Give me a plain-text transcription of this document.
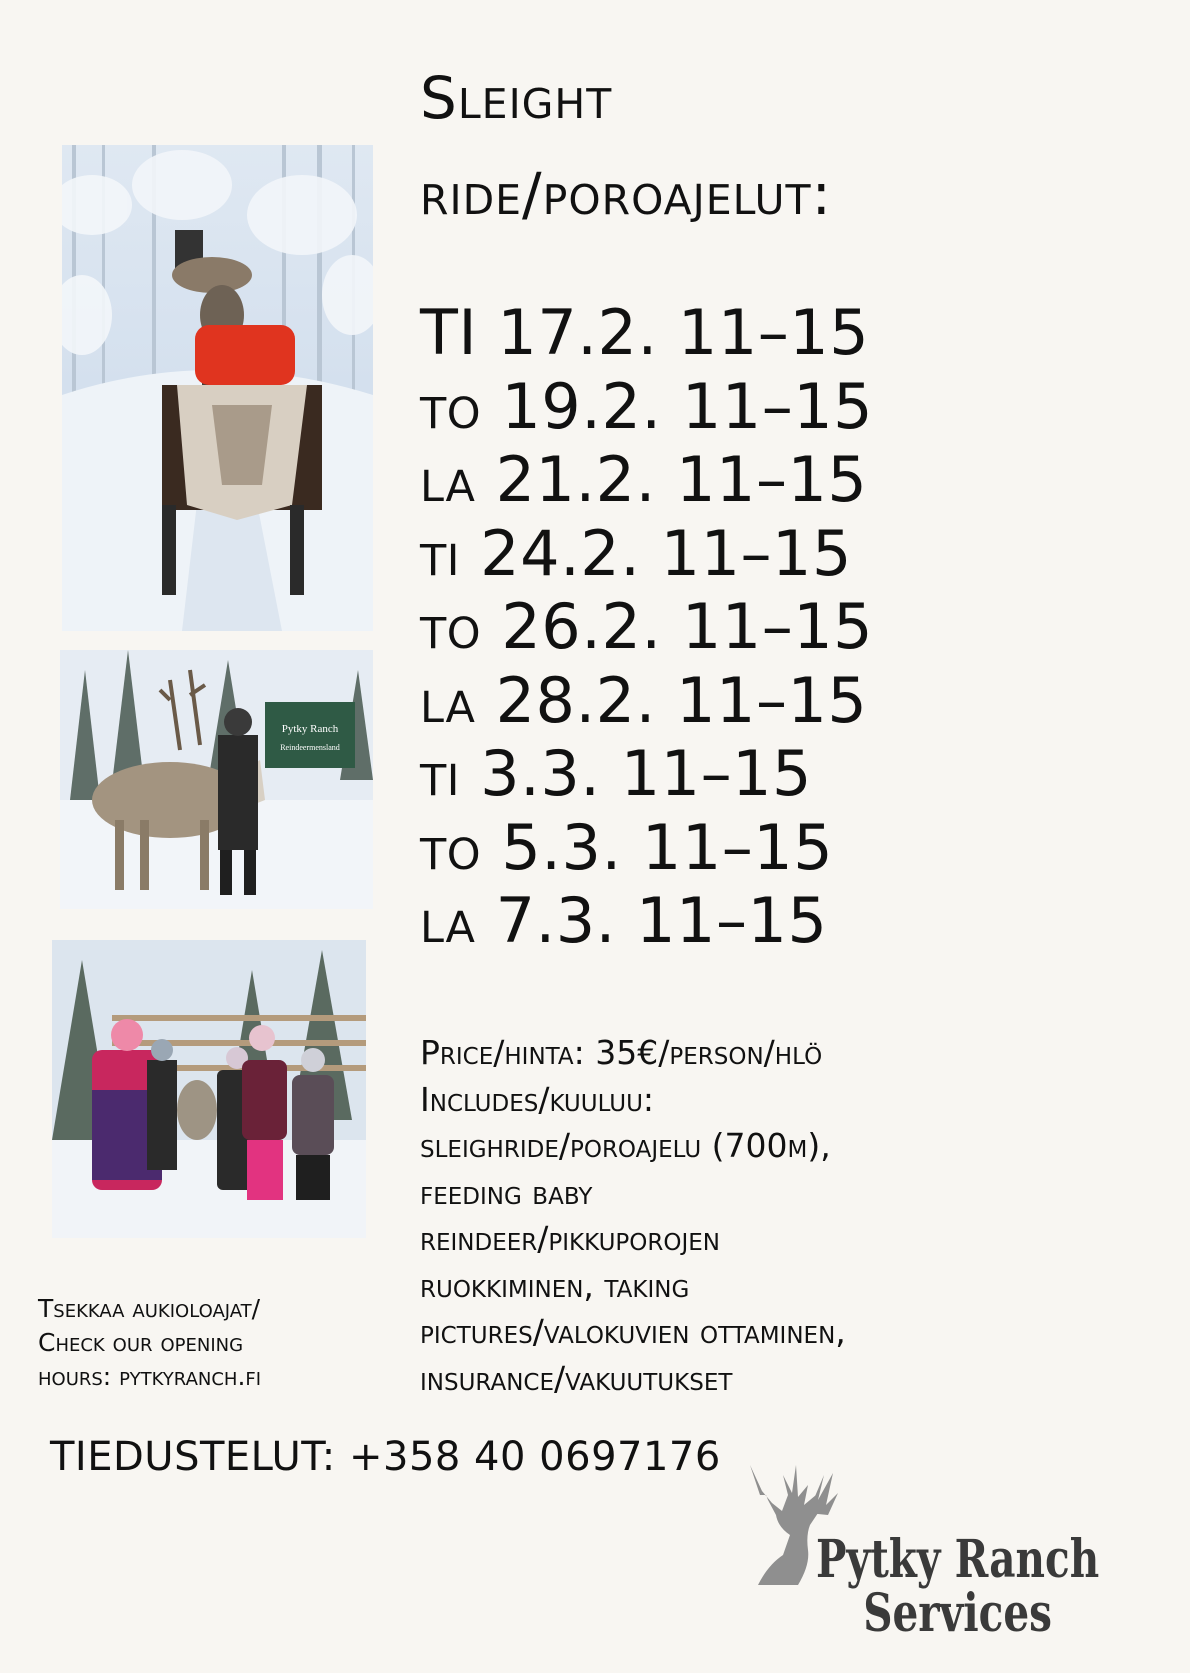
Sleight
ride/poroajelut:
TI 17.2. 11–15
to 19.2. 11–15
la 21.2. 11–15
ti 24.2. 11–15
to 26.2. 11–15
la 28.2. 11–15
ti 3.3. 11–15
to 5.3. 11–15
la 7.3. 11–15
Price/hinta: 35€/person/hlö
Includes/kuuluu:
sleighride/poroajelu (700m),
feeding baby
reindeer/pikkuporojen
ruokkiminen, taking
pictures/valokuvien ottaminen,
insurance/vakuutukset
Pytky Ranch
Reindeermensland
Tsekkaa aukioloajat/
Check our opening
hours: pytkyranch.fi
TIEDUSTELUT: +358 40 0697176
Pytky Ranch
Services
